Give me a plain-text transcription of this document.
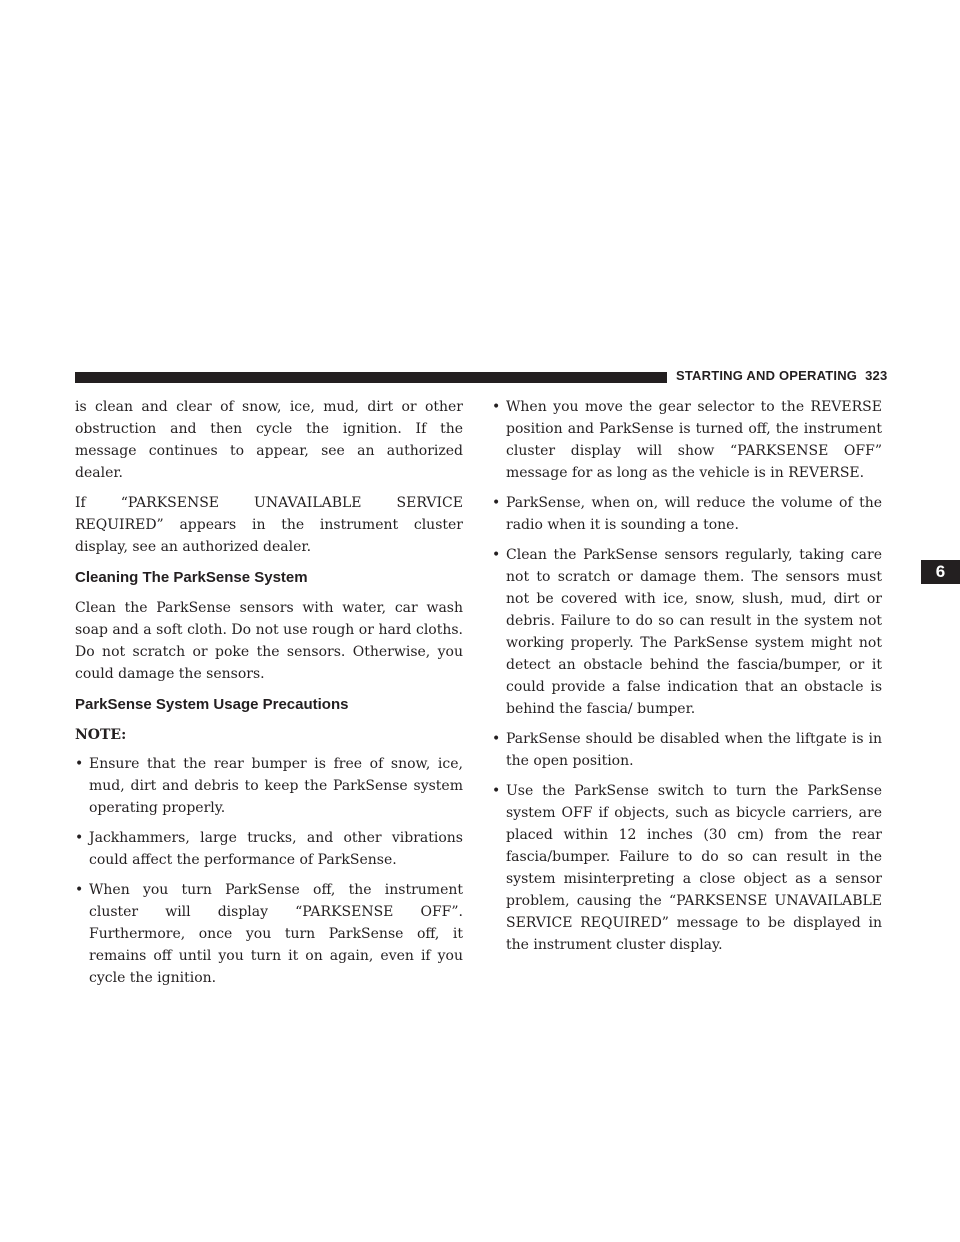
STARTING AND OPERATING 323
6

is clean and clear of snow, ice, mud, dirt or other obstruction and then cycle the ignition. If the message continues to appear, see an authorized dealer.

If “PARKSENSE UNAVAILABLE SERVICE REQUIRED” appears in the instrument cluster display, see an authorized dealer.

Cleaning The ParkSense System

Clean the ParkSense sensors with water, car wash soap and a soft cloth. Do not use rough or hard cloths. Do not scratch or poke the sensors. Otherwise, you could damage the sensors.

ParkSense System Usage Precautions
NOTE:
• Ensure that the rear bumper is free of snow, ice, mud, dirt and debris to keep the ParkSense system operating properly.
• Jackhammers, large trucks, and other vibrations could affect the performance of ParkSense.
• When you turn ParkSense off, the instrument cluster will display “PARKSENSE OFF”. Furthermore, once you turn ParkSense off, it remains off until you turn it on again, even if you cycle the ignition.
• When you move the gear selector to the REVERSE position and ParkSense is turned off, the instrument cluster display will show “PARKSENSE OFF” message for as long as the vehicle is in REVERSE.
• ParkSense, when on, will reduce the volume of the radio when it is sounding a tone.
• Clean the ParkSense sensors regularly, taking care not to scratch or damage them. The sensors must not be covered with ice, snow, slush, mud, dirt or debris. Failure to do so can result in the system not working properly. The ParkSense system might not detect an obstacle behind the fascia/bumper, or it could provide a false indication that an obstacle is behind the fascia/ bumper.
• ParkSense should be disabled when the liftgate is in the open position.
• Use the ParkSense switch to turn the ParkSense system OFF if objects, such as bicycle carriers, are placed within 12 inches (30 cm) from the rear fascia/bumper. Failure to do so can result in the system misinterpreting a close object as a sensor problem, causing the “PARKSENSE UNAVAILABLE SERVICE REQUIRED” message to be displayed in the instrument cluster display.
